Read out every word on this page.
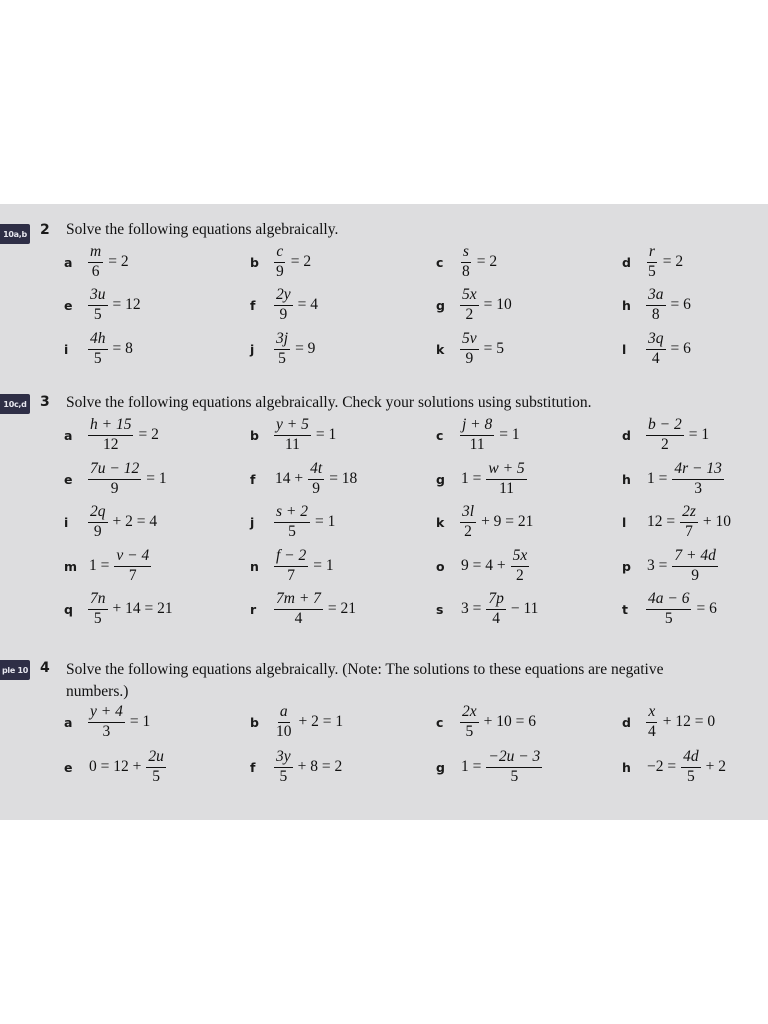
10a,b 2 Solve the following equations algebraically.
a	$\frac{m}{6} = 2$	b $\frac{c}{9} = 2$	c	$\frac{s}{8} = 2$	d $\frac{r}{5} = 2$
e	$\frac{3u}{5} = 12$	f	$\frac{2y}{9} = 4$	g $\frac{5x}{2} = 10$	h $\frac{3a}{8} = 6$
i	$\frac{4h}{5} = 8$	j	$\frac{3j}{5} = 9$	k	$\frac{5v}{9} = 5$	l	$\frac{3q}{4} = 6$
10c,d 3 Solve the following equations algebraically. Check your solutions using substitution.
a	$\frac{h + 15}{12} = 2$	b $\frac{y + 5}{11} = 1$	c	$\frac{j + 8}{11} = 1$	d $\frac{b - 2}{2} = 1$
e	$\frac{7u - 12}{9} = 1$	f	$14 + \frac{4t}{9} = 18$	g	$1 = \frac{w + 5}{11}$	h	$1 = \frac{4r - 13}{3}$
i	$\frac{2q}{9} + 2 = 4$	j	$\frac{s + 2}{5} = 1$	k	$\frac{3l}{2} + 9 = 21$	l	$12 = \frac{2z}{7} + 10$
m $1 = \frac{v - 4}{7}$	n $\frac{f - 2}{7} = 1$	o	$9 = 4 + \frac{5x}{2}$	p	$3 = \frac{7 + 4d}{9}$
q $\frac{7n}{5} + 14 = 21$	r	$\frac{7m + 7}{4} = 21$	s	$3 = \frac{7p}{4} - 11$	t	$\frac{4a - 6}{5} = 6$
ple 10 4 Solve the following equations algebraically. (Note: The solutions to these equations are negative
numbers.)
a	$\frac{y + 4}{3} = 1$	b $\frac{a}{10} + 2 = 1$	c	$\frac{2x}{5} + 10 = 6$	d $\frac{x}{4} + 12 = 0$
e	$0 = 12 + \frac{2u}{5}$	f	$\frac{3y}{5} + 8 = 2$	g	$1 = \frac{-2u - 3}{5}$	h	$-2 = \frac{4d}{5} + 2$
